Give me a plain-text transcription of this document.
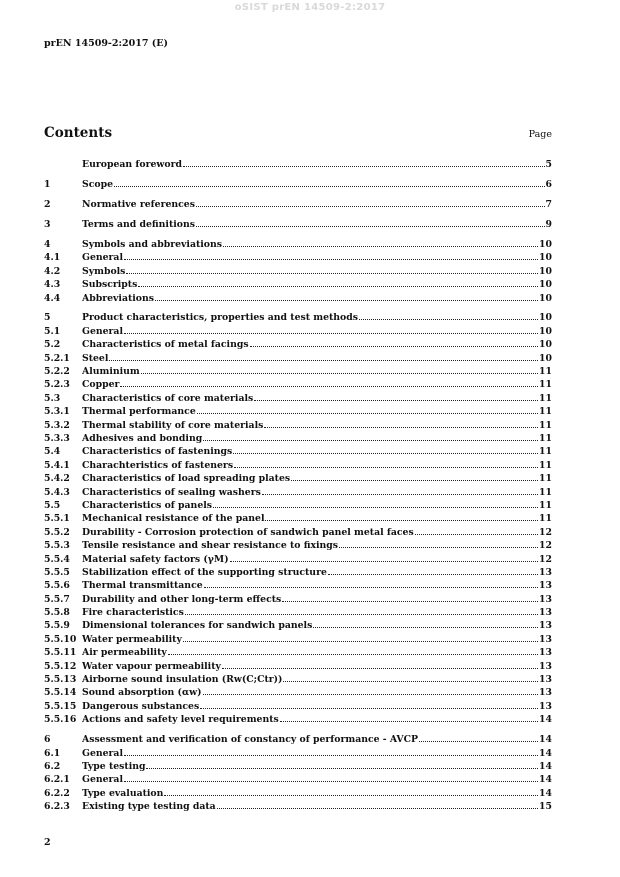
oSIST prEN 14509-2:2017
prEN 14509-2:2017 (E)
Contents	Page
European foreword	5
1	Scope	6
2	Normative references	7
3	Terms and definitions	9
4	Symbols and abbreviations	10
4.1	General	10
4.2	Symbols	10
4.3	Subscripts	10
4.4	Abbreviations	10
5	Product characteristics, properties and test methods	10
5.1	General	10
5.2	Characteristics of metal facings	10
5.2.1	Steel	10
5.2.2	Aluminium	11
5.2.3	Copper	11
5.3	Characteristics of core materials	11
5.3.1	Thermal performance	11
5.3.2	Thermal stability of core materials	11
5.3.3	Adhesives and bonding	11
5.4	Characteristics of fastenings	11
5.4.1	Charachteristics of fasteners	11
5.4.2	Characteristics of load spreading plates	11
5.4.3	Characteristics of sealing washers	11
5.5	Characteristics of panels	11
5.5.1	Mechanical resistance of the panel	11
5.5.2	Durability - Corrosion protection of sandwich panel metal faces	12
5.5.3	Tensile resistance and shear resistance to fixings	12
5.5.4	Material safety factors (γM)	12
5.5.5	Stabilization effect of the supporting structure	13
5.5.6	Thermal transmittance	13
5.5.7	Durability and other long-term effects	13
5.5.8	Fire characteristics	13
5.5.9	Dimensional tolerances for sandwich panels	13
5.5.10 Water permeability	13
5.5.11 Air permeability	13
5.5.12 Water vapour permeability	13
5.5.13 Airborne sound insulation (Rw(C;Ctr))	13
5.5.14 Sound absorption (αw)	13
5.5.15 Dangerous substances	13
5.5.16 Actions and safety level requirements	14
6	Assessment and verification of constancy of performance - AVCP	14
6.1	General	14
6.2	Type testing	14
6.2.1	General	14
6.2.2	Type evaluation	14
6.2.3	Existing type testing data	15
2
